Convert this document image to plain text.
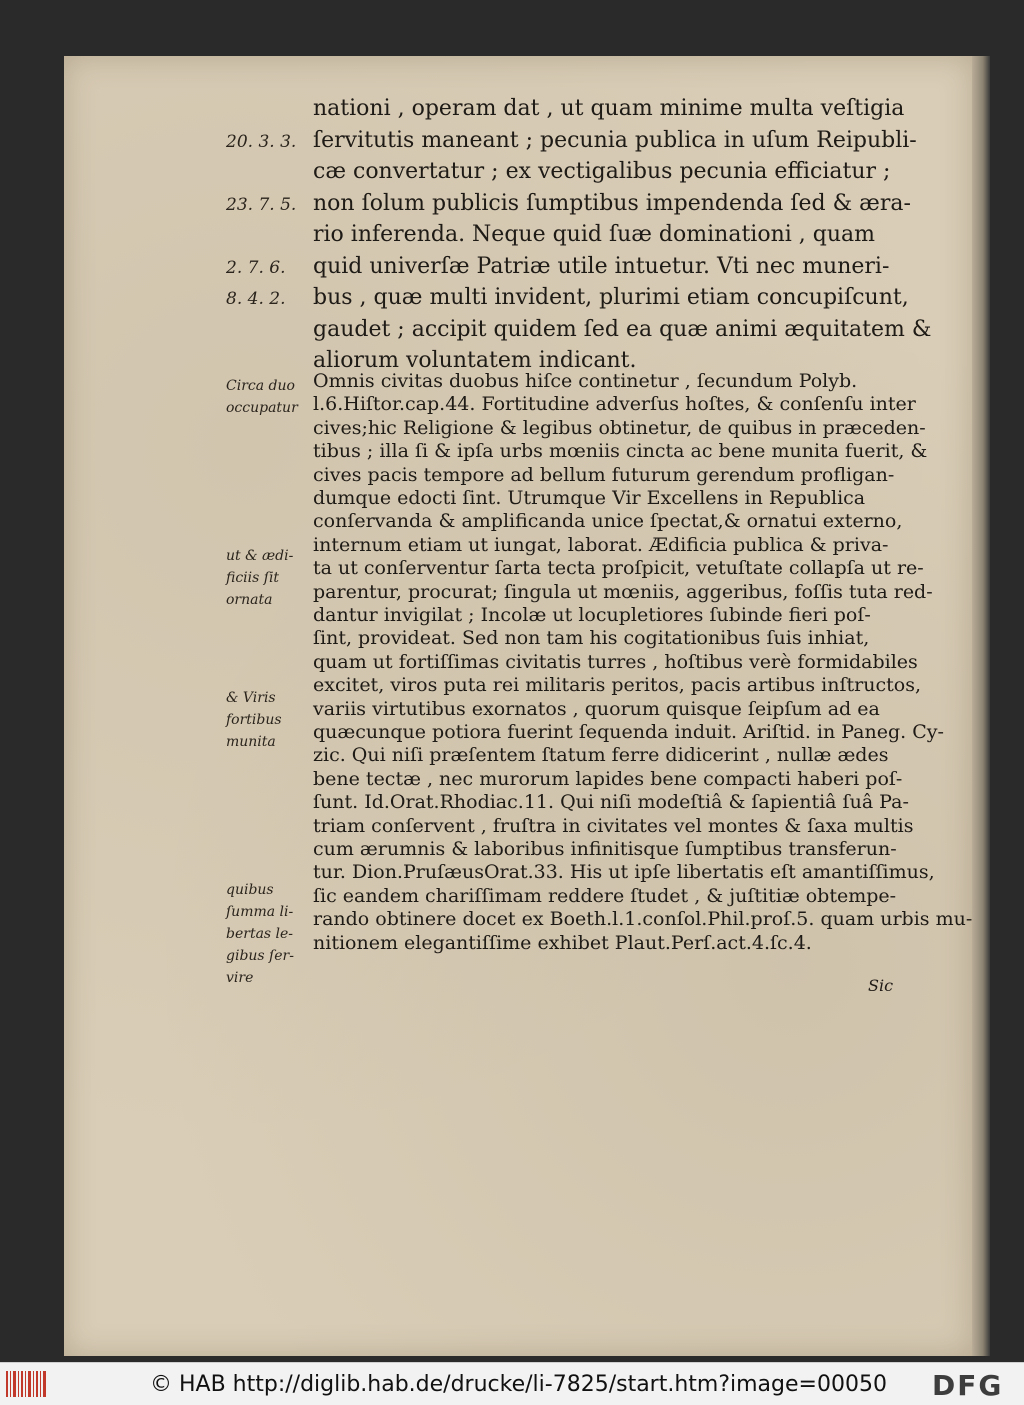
nationi , operam dat , ut quam minime multa veſtigia
ſervitutis maneant ; pecunia publica in uſum Reipubli-
20. 3. 3.
cæ convertatur ; ex vectigalibus pecunia efficiatur ;
non ſolum publicis ſumptibus impendenda ſed & æra-
23. 7. 5.
rio inferenda. Neque quid ſuæ dominationi , quam
quid univerſæ Patriæ utile intuetur. Vti nec muneri-
2. 7. 6.
bus , quæ multi invident, plurimi etiam concupiſcunt,
8. 4. 2.
gaudet ; accipit quidem ſed ea quæ animi æquitatem &
aliorum voluntatem indicant.
Omnis civitas duobus hiſce continetur , ſecundum Polyb.
l.6.Hiſtor.cap.44. Fortitudine adverſus hoſtes, & conſenſu inter
cives;hic Religione & legibus obtinetur, de quibus in præceden-
tibus ; illa ſi & ipſa urbs mœniis cincta ac bene munita fuerit, &
cives pacis tempore ad bellum futurum gerendum profligan-
dumque edocti ſint. Utrumque Vir Excellens in Republica
conſervanda & amplificanda unice ſpectat,& ornatui externo,
internum etiam ut iungat, laborat. Ædificia publica & priva-
ta ut conſerventur ſarta tecta proſpicit, vetuſtate collapſa ut re-
parentur, procurat; ſingula ut mœniis, aggeribus, foſſis tuta red-
dantur invigilat ; Incolæ ut locupletiores ſubinde fieri poſ-
ſint, provideat. Sed non tam his cogitationibus ſuis inhiat,
quam ut fortiſſimas civitatis turres , hoſtibus verè formidabiles
excitet, viros puta rei militaris peritos, pacis artibus inſtructos,
variis virtutibus exornatos , quorum quisque ſeipſum ad ea
quæcunque potiora fuerint ſequenda induit. Ariſtid. in Paneg. Cy-
zic. Qui niſi præſentem ſtatum ferre didicerint , nullæ ædes
bene tectæ , nec murorum lapides bene compacti haberi poſ-
ſunt. Id.Orat.Rhodiac.11. Qui niſi modeſtiâ & ſapientiâ ſuâ Pa-
triam conſervent , fruſtra in civitates vel montes & ſaxa multis
cum ærumnis & laboribus infinitisque ſumptibus transferun-
tur. Dion.PruſæusOrat.33. His ut ipſe libertatis eſt amantiſſimus,
ſic eandem chariſſimam reddere ſtudet , & juſtitiæ obtempe-
rando obtinere docet ex Boeth.l.1.conſol.Phil.proſ.5. quam urbis mu-
nitionem elegantiſſime exhibet Plaut.Perſ.act.4.ſc.4.
Circa duo
occupatur
ut & ædi-
ficiis ſit
ornata
& Viris
fortibus
munita
quibus
ſumma li-
bertas le-
gibus ſer-
vire	Sic
© HAB http://diglib.hab.de/drucke/li-7825/start.htm?image=00050 DFG
